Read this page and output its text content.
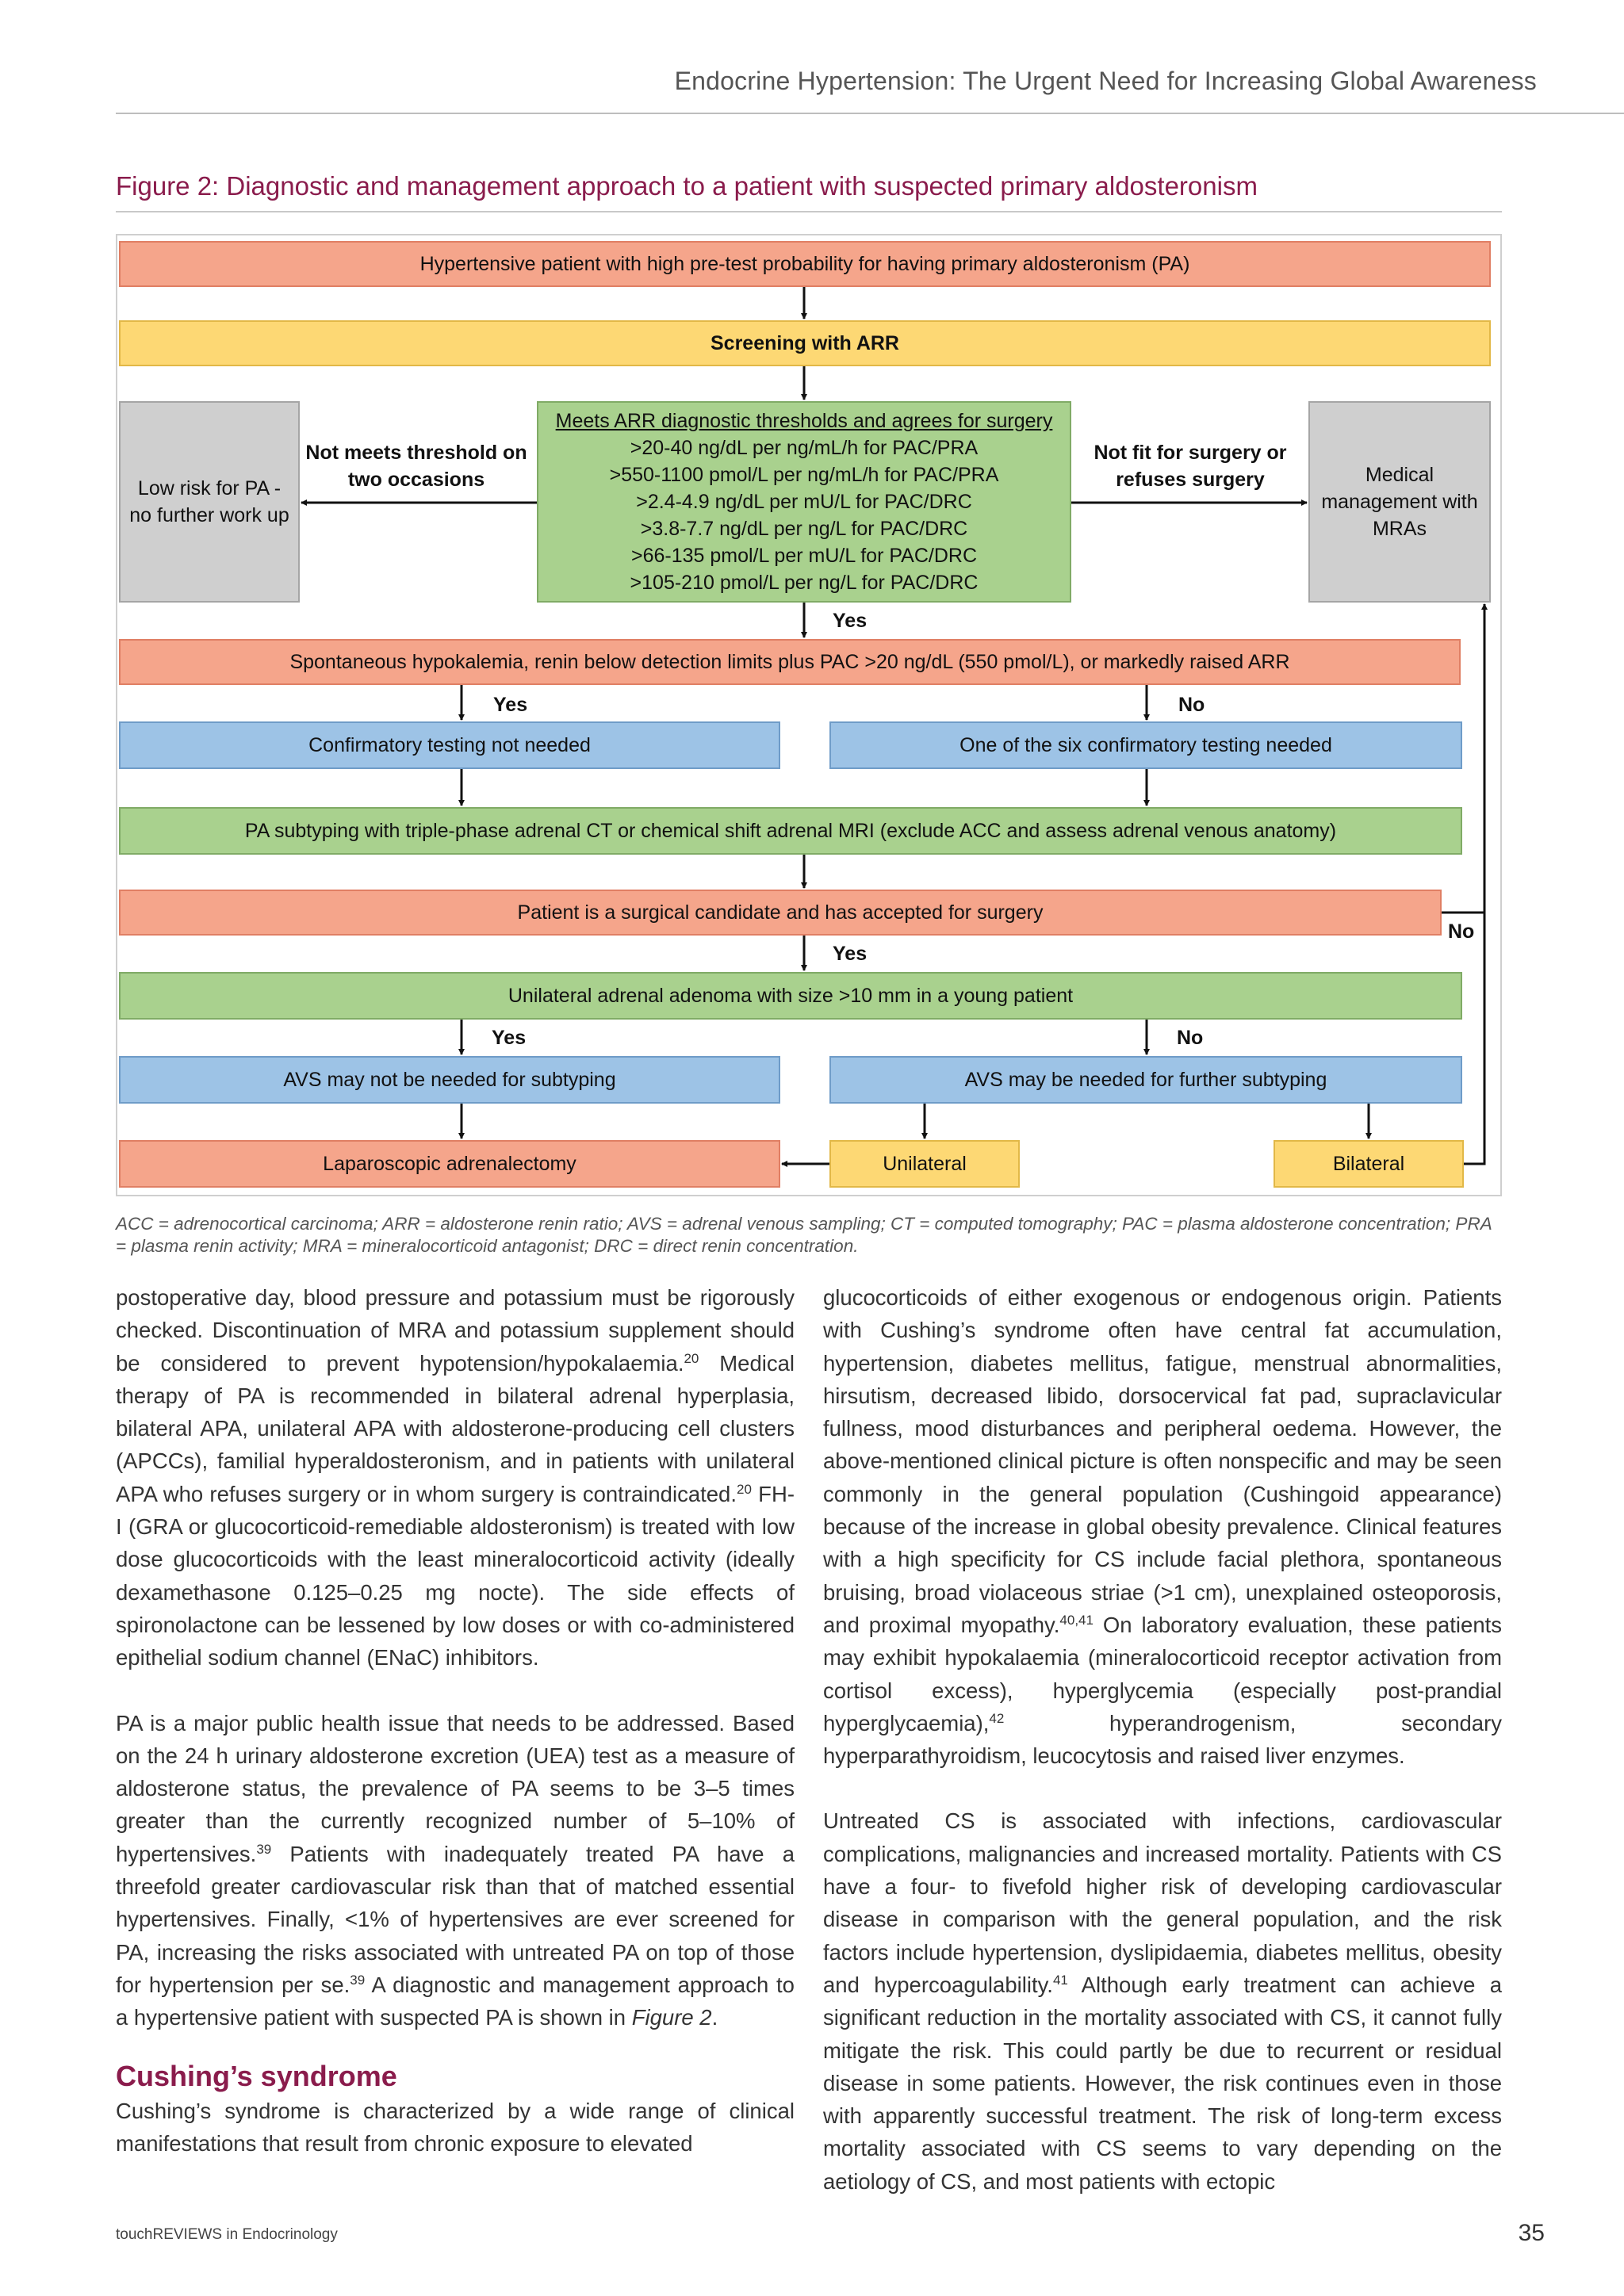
Endocrine Hypertension: The Urgent Need for Increasing Global Awareness
Figure 2: Diagnostic and management approach to a patient with suspected primary aldosteronism
Hypertensive patient with high pre-test probability for having primary aldosteronism (PA)
Screening with ARR
Low risk for PA - no further work up
Meets ARR diagnostic thresholds and agrees for surgery
>20-40 ng/dL per ng/mL/h for PAC/PRA
>550-1100 pmol/L per ng/mL/h for PAC/PRA
>2.4-4.9 ng/dL per mU/L for PAC/DRC
>3.8-7.7 ng/dL per ng/L for PAC/DRC
>66-135 pmol/L per mU/L for PAC/DRC
>105-210 pmol/L per ng/L for PAC/DRC
Medical management with MRAs
Spontaneous hypokalemia, renin below detection limits plus PAC >20 ng/dL (550 pmol/L), or markedly raised ARR
Confirmatory testing not needed	One of the six confirmatory testing needed
PA subtyping with triple-phase adrenal CT or chemical shift adrenal MRI (exclude ACC and assess adrenal venous anatomy)
Patient is a surgical candidate and has accepted for surgery
Unilateral adrenal adenoma with size >10 mm in a young patient
AVS may not be needed for subtyping	AVS may be needed for further subtyping
Laparoscopic adrenalectomy	Unilateral	Bilateral
Not meets threshold on two occasions
Not fit for surgery or refuses surgery
Yes
Yes	No
Yes
No
Yes	No
ACC = adrenocortical carcinoma; ARR = aldosterone renin ratio; AVS = adrenal venous sampling; CT = computed tomography; PAC = plasma aldosterone concentration; PRA = plasma renin activity; MRA = mineralocorticoid antagonist; DRC = direct renin concentration.

postoperative day, blood pressure and potassium must be rigorously checked. Discontinuation of MRA and potassium supplement should be considered to prevent hypotension/hypokalaemia.$^{20}$ Medical therapy of PA is recommended in bilateral adrenal hyperplasia, bilateral APA, unilateral APA with aldosterone-producing cell clusters (APCCs), familial hyperaldosteronism, and in patients with unilateral APA who refuses surgery or in whom surgery is contraindicated.$^{20}$ FH-I (GRA or glucocorticoid-remediable aldosteronism) is treated with low dose glucocorticoids with the least mineralocorticoid activity (ideally dexamethasone 0.125–0.25 mg nocte). The side effects of spironolactone can be lessened by low doses or with co-administered epithelial sodium channel (ENaC) inhibitors.

PA is a major public health issue that needs to be addressed. Based on the 24 h urinary aldosterone excretion (UEA) test as a measure of aldosterone status, the prevalence of PA seems to be 3–5 times greater than the currently recognized number of 5–10% of hypertensives.$^{39}$ Patients with inadequately treated PA have a threefold greater cardiovascular risk than that of matched essential hypertensives. Finally, <1% of hypertensives are ever screened for PA, increasing the risks associated with untreated PA on top of those for hypertension per se.$^{39}$ A diagnostic and management approach to a hypertensive patient with suspected PA is shown in Figure 2.

Cushing’s syndrome

Cushing’s syndrome is characterized by a wide range of clinical manifestations that result from chronic exposure to elevated

glucocorticoids of either exogenous or endogenous origin. Patients with Cushing’s syndrome often have central fat accumulation, hypertension, diabetes mellitus, fatigue, menstrual abnormalities, hirsutism, decreased libido, dorsocervical fat pad, supraclavicular fullness, mood disturbances and peripheral oedema. However, the above-mentioned clinical picture is often nonspecific and may be seen commonly in the general population (Cushingoid appearance) because of the increase in global obesity prevalence. Clinical features with a high specificity for CS include facial plethora, spontaneous bruising, broad violaceous striae (>1 cm), unexplained osteoporosis, and proximal myopathy.$^{40,41}$ On laboratory evaluation, these patients may exhibit hypokalaemia (mineralocorticoid receptor activation from cortisol excess), hyperglycemia (especially post-prandial hyperglycaemia),$^{42}$ hyperandrogenism, secondary hyperparathyroidism, leucocytosis and raised liver enzymes.

Untreated CS is associated with infections, cardiovascular complications, malignancies and increased mortality. Patients with CS have a four- to fivefold higher risk of developing cardiovascular disease in comparison with the general population, and the risk factors include hypertension, dyslipidaemia, diabetes mellitus, obesity and hypercoagulability.$^{41}$ Although early treatment can achieve a significant reduction in the mortality associated with CS, it cannot fully mitigate the risk. This could partly be due to recurrent or residual disease in some patients. However, the risk continues even in those with apparently successful treatment. The risk of long-term excess mortality associated with CS seems to vary depending on the aetiology of CS, and most patients with ectopic

touchREVIEWS in Endocrinology	35
